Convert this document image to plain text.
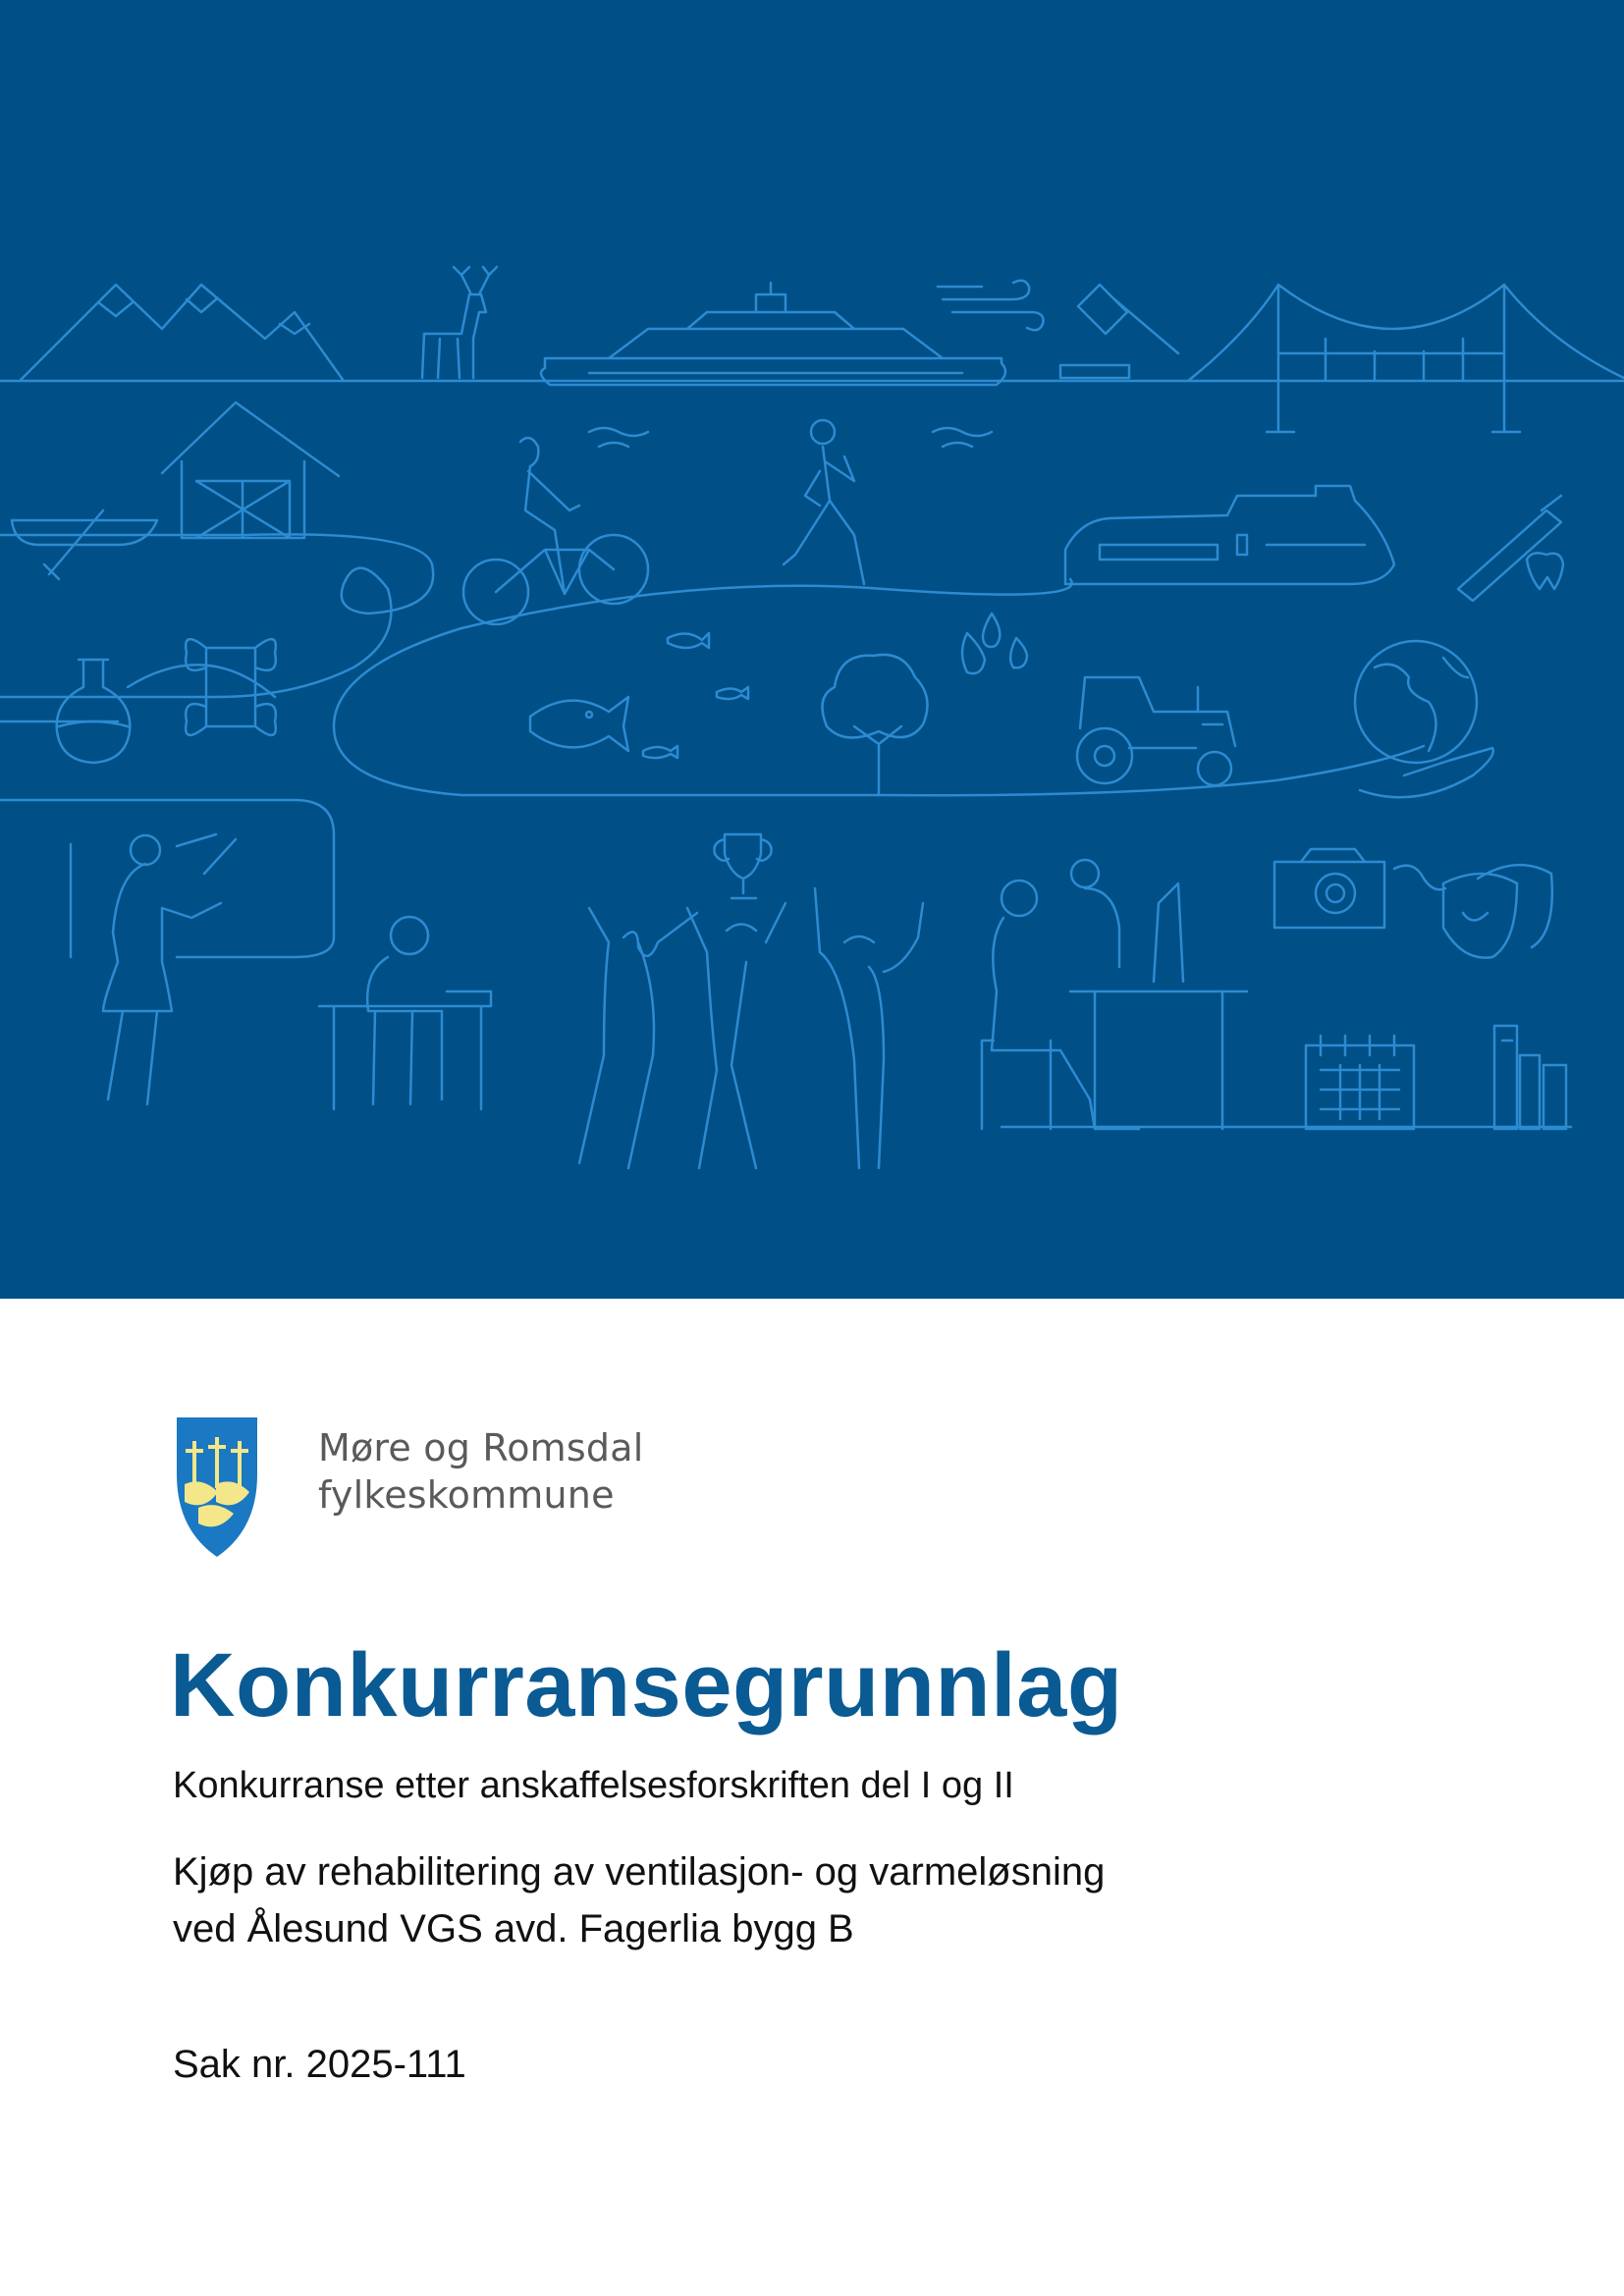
Møre og Romsdal
fylkeskommune
Konkurransegrunnlag
Konkurranse etter anskaffelsesforskriften del I og II
Kjøp av rehabilitering av ventilasjon- og varmeløsning
ved Ålesund VGS avd. Fagerlia bygg B
Sak nr. 2025-111
